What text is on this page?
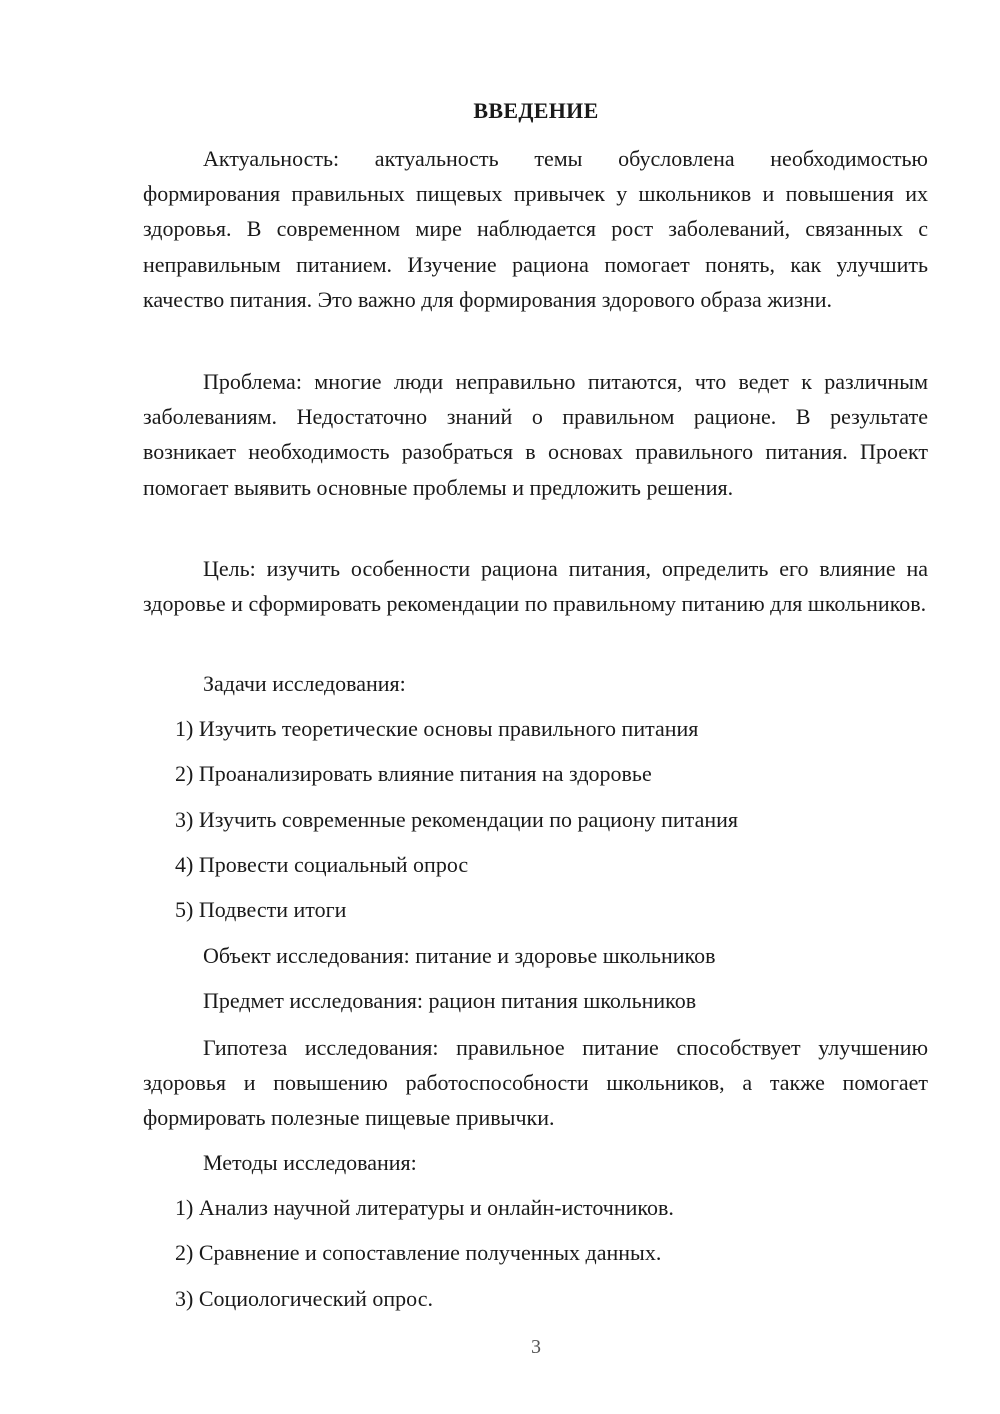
ВВЕДЕНИЕ

Актуальность: актуальность темы обусловлена необходимостью формирования правильных пищевых привычек у школьников и повышения их здоровья. В современном мире наблюдается рост заболеваний, связанных с неправильным питанием. Изучение рациона помогает понять, как улучшить качество питания. Это важно для формирования здорового образа жизни.

Проблема: многие люди неправильно питаются, что ведет к различным заболеваниям. Недостаточно знаний о правильном рационе. В результате возникает необходимость разобраться в основах правильного питания. Проект помогает выявить основные проблемы и предложить решения.

Цель: изучить особенности рациона питания, определить его влияние на здоровье и сформировать рекомендации по правильному питанию для школьников.

Задачи исследования:
1) Изучить теоретические основы правильного питания
2) Проанализировать влияние питания на здоровье
3) Изучить современные рекомендации по рациону питания
4) Провести социальный опрос
5) Подвести итоги
Объект исследования: питание и здоровье школьников
Предмет исследования: рацион питания школьников

Гипотеза исследования: правильное питание способствует улучшению здоровья и повышению работоспособности школьников, а также помогает формировать полезные пищевые привычки.

Методы исследования:
1) Анализ научной литературы и онлайн-источников.
2) Сравнение и сопоставление полученных данных.
3) Социологический опрос.
3
